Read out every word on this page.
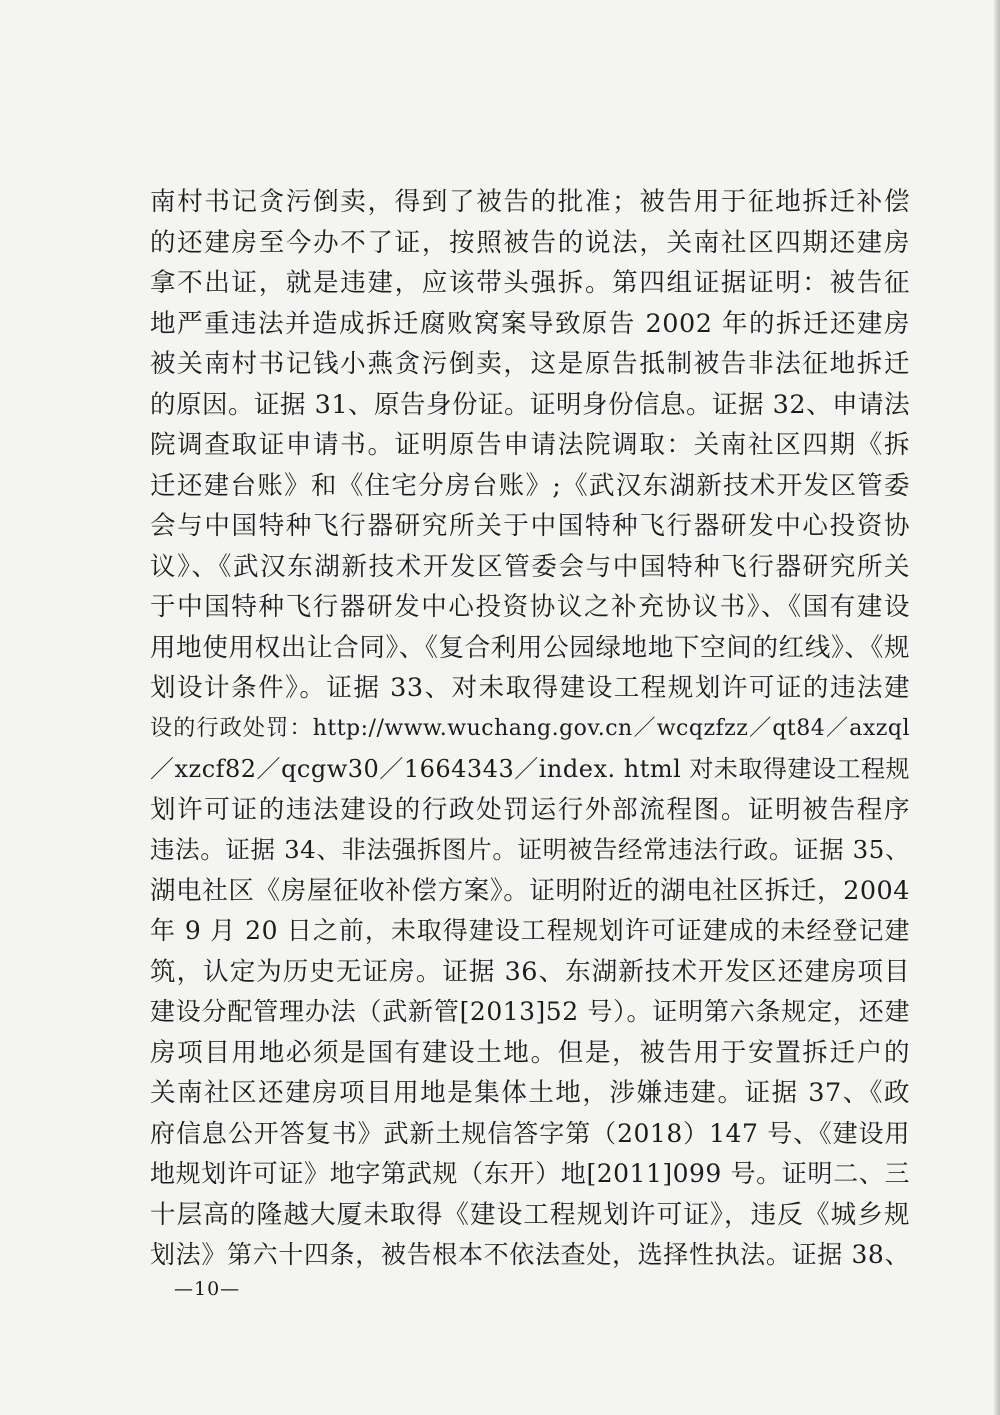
南村书记贪污倒卖，得到了被告的批准；被告用于征地拆迁补偿
的还建房至今办不了证，按照被告的说法，关南社区四期还建房
拿不出证，就是违建，应该带头强拆。第四组证据证明：被告征
地严重违法并造成拆迁腐败窝案导致原告 2002 年的拆迁还建房
被关南村书记钱小燕贪污倒卖，这是原告抵制被告非法征地拆迁
的原因。证据 31、原告身份证。证明身份信息。证据 32、申请法
院调查取证申请书。证明原告申请法院调取：关南社区四期《拆
迁还建台账》和《住宅分房台账》;《武汉东湖新技术开发区管委
会与中国特种飞行器研究所关于中国特种飞行器研发中心投资协
议》、《武汉东湖新技术开发区管委会与中国特种飞行器研究所关
于中国特种飞行器研发中心投资协议之补充协议书》、《国有建设
用地使用权出让合同》、《复合利用公园绿地地下空间的红线》、《规
划设计条件》。证据 33、对未取得建设工程规划许可证的违法建
设的行政处罚：http://www.wuchang.gov.cn／wcqzfzz／qt84／axzql
／xzcf82／qcgw30／1664343／index. html 对未取得建设工程规
划许可证的违法建设的行政处罚运行外部流程图。证明被告程序
违法。证据 34、非法强拆图片。证明被告经常违法行政。证据 35、
湖电社区《房屋征收补偿方案》。证明附近的湖电社区拆迁，2004
年 9 月 20 日之前，未取得建设工程规划许可证建成的未经登记建
筑，认定为历史无证房。证据 36、东湖新技术开发区还建房项目
建设分配管理办法（武新管[2013]52 号）。证明第六条规定，还建
房项目用地必须是国有建设土地。但是，被告用于安置拆迁户的
关南社区还建房项目用地是集体土地，涉嫌违建。证据 37、《政
府信息公开答复书》武新土规信答字第（2018）147 号、《建设用
地规划许可证》地字第武规（东开）地[2011]099 号。证明二、三
十层高的隆越大厦未取得《建设工程规划许可证》，违反《城乡规
划法》第六十四条，被告根本不依法查处，选择性执法。证据 38、
—10—
